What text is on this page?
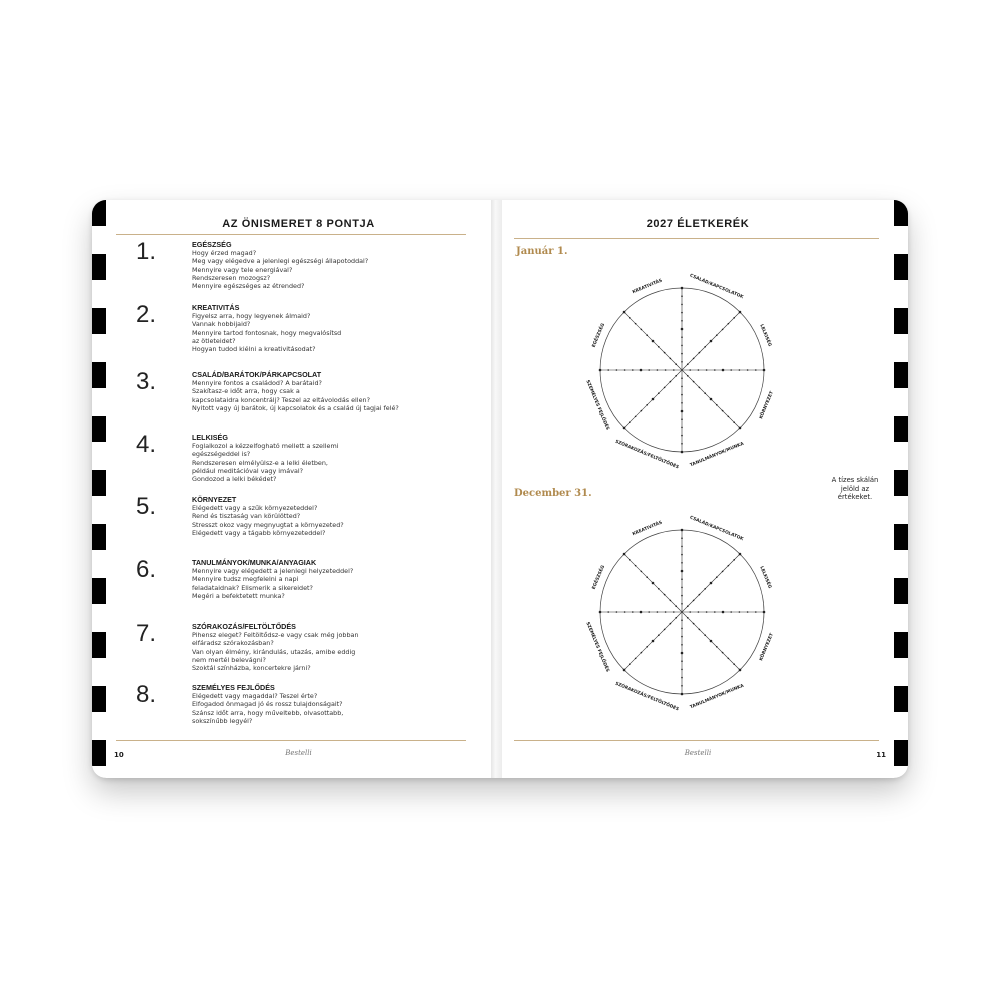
AZ ÖNISMERET 8 PONTJA
1.	EGÉSZSÉG
Hogy érzed magad?
Meg vagy elégedve a jelenlegi egészségi állapotoddal?
Mennyire vagy tele energiával?
Rendszeresen mozogsz?
Mennyire egészséges az étrended?
2.	KREATIVITÁS
Figyelsz arra, hogy legyenek álmaid?
Vannak hobbijaid?
Mennyire tartod fontosnak, hogy megvalósítsd
az ötleteidet?
Hogyan tudod kiélni a kreativitásodat?
3.	CSALÁD/BARÁTOK/PÁRKAPCSOLAT
Mennyire fontos a családod? A barátaid?
Szakítasz-e időt arra, hogy csak a
kapcsolataidra koncentrálj? Teszel az eltávolodás ellen?
Nyitott vagy új barátok, új kapcsolatok és a család új tagjai felé?
4.	LELKISÉG
Foglalkozol a kézzelfogható mellett a szellemi
egészségeddel is?
Rendszeresen elmélyülsz-e a lelki életben,
például meditációval vagy imával?
Gondozod a lelki békédet?
5.	KÖRNYEZET
Elégedett vagy a szűk környezeteddel?
Rend és tisztaság van körülötted?
Stresszt okoz vagy megnyugtat a környezeted?
Elégedett vagy a tágabb környezeteddel?
6.	TANULMÁNYOK/MUNKA/ANYAGIAK
Mennyire vagy elégedett a jelenlegi helyzeteddel?
Mennyire tudsz megfelelni a napi
feladataidnak? Elismerik a sikereidet?
Megéri a befektetett munka?
7.	SZÓRAKOZÁS/FELTÖLTŐDÉS
Pihensz eleget? Feltöltődsz-e vagy csak még jobban
elfáradsz szórakozásban?
Van olyan élmény, kirándulás, utazás, amibe eddig
nem mertél belevágni?
Szoktál színházba, koncertekre járni?
8.	SZEMÉLYES FEJLŐDÉS
Elégedett vagy magaddal? Teszel érte?
Elfogadod önmagad jó és rossz tulajdonságait?
Szánsz időt arra, hogy műveltebb, olvasottabb,
sokszínűbb legyél?
10	Bestelli
2027 ÉLETKERÉK
Január 1.
December 31.
A tízes skálán
jelöld az
értékeket.
CSALÁD/KAPCSOLATOK
LELKISÉG
KÖRNYEZET
TANULMÁNYOK/MUNKA
SZÓRAKOZÁS/FELTÖLTŐDÉS
SZEMÉLYES FEJLŐDÉS
EGÉSZSÉG
KREATIVITÁS
CSALÁD/KAPCSOLATOK
LELKISÉG
KÖRNYEZET
TANULMÁNYOK/MUNKA
SZÓRAKOZÁS/FELTÖLTŐDÉS
SZEMÉLYES FEJLŐDÉS
EGÉSZSÉG
KREATIVITÁS
11
Bestelli
